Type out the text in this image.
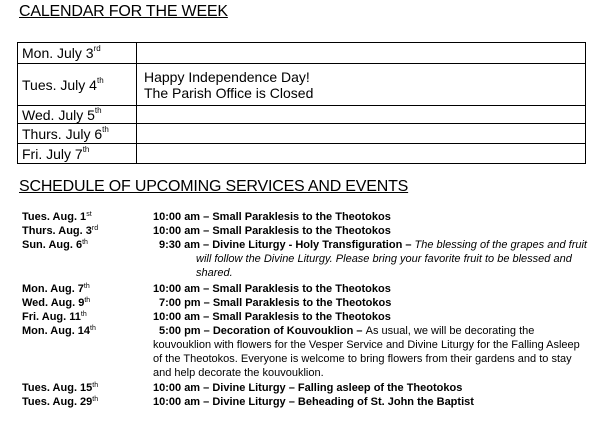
CALENDAR FOR THE WEEK
Mon. July 3rd	
Tues. July 4th	Happy Independence Day!
The Parish Office is Closed

Wed. July 5th	
Thurs. July 6th	
Fri. July 7th	
SCHEDULE OF UPCOMING SERVICES AND EVENTS
Tues. Aug. 1st	10:00 am – Small Paraklesis to the Theotokos
Thurs. Aug. 3rd	10:00 am – Small Paraklesis to the Theotokos
Sun. Aug. 6th	9:30 am – Divine Liturgy - Holy Transfiguration – The blessing of the grapes and fruit
will follow the Divine Liturgy. Please bring your favorite fruit to be blessed and
shared.
Mon. Aug. 7th	10:00 am – Small Paraklesis to the Theotokos
Wed. Aug. 9th	7:00 pm – Small Paraklesis to the Theotokos
Fri. Aug. 11th	10:00 am – Small Paraklesis to the Theotokos
Mon. Aug. 14th	5:00 pm – Decoration of Kouvouklion – As usual, we will be decorating the
kouvouklion with flowers for the Vesper Service and Divine Liturgy for the Falling Asleep
of the Theotokos. Everyone is welcome to bring flowers from their gardens and to stay
and help decorate the kouvouklion.
Tues. Aug. 15th	10:00 am – Divine Liturgy – Falling asleep of the Theotokos
Tues. Aug. 29th	10:00 am – Divine Liturgy – Beheading of St. John the Baptist
